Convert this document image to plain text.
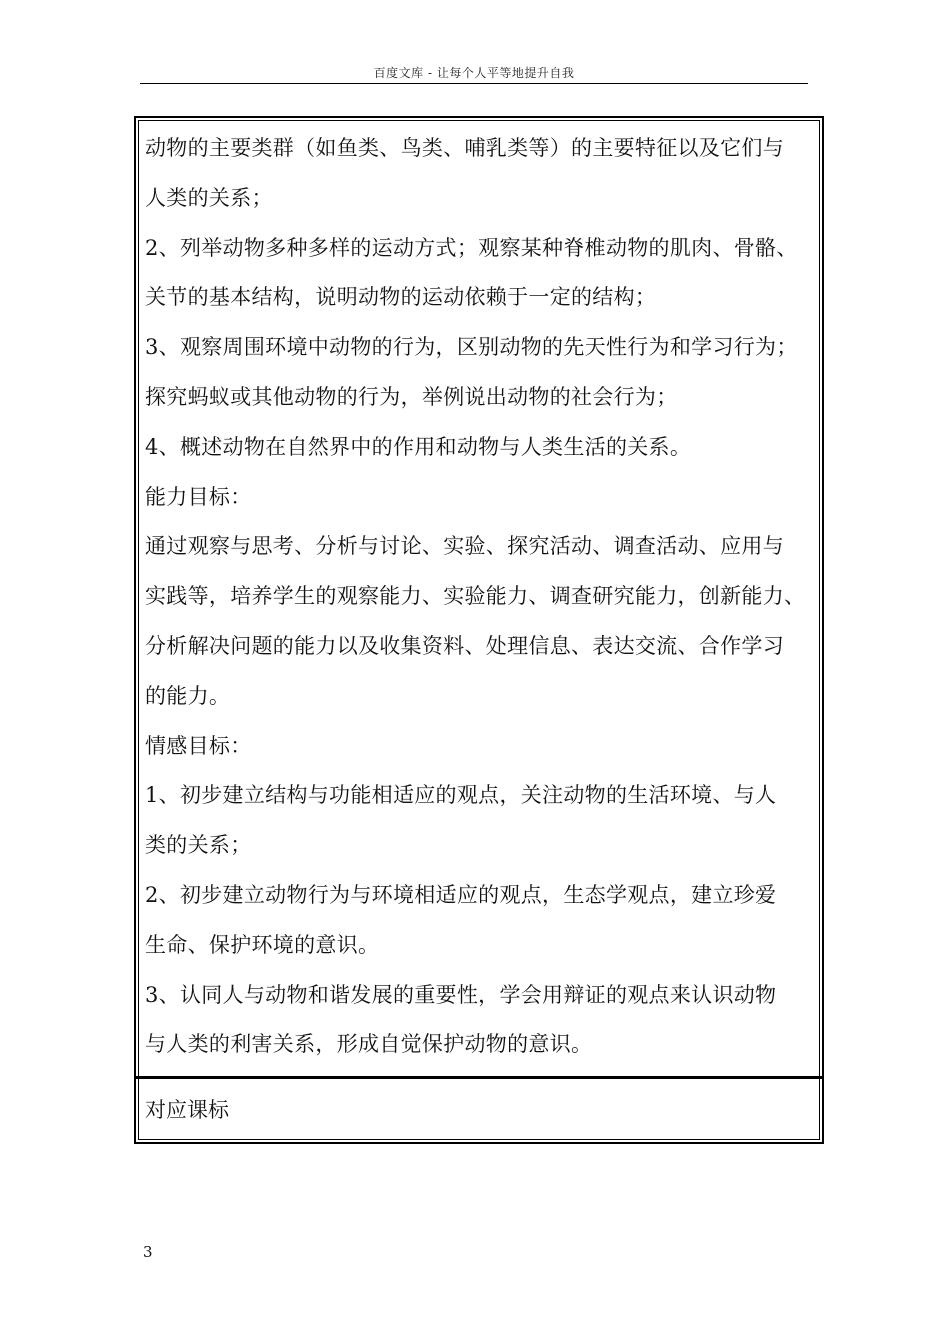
百度文库 - 让每个人平等地提升自我
动物的主要类群（如鱼类、鸟类、哺乳类等）的主要特征以及它们与
人类的关系；
2、列举动物多种多样的运动方式；观察某种脊椎动物的肌肉、骨骼、
关节的基本结构，说明动物的运动依赖于一定的结构；
3、观察周围环境中动物的行为，区别动物的先天性行为和学习行为；
探究蚂蚁或其他动物的行为，举例说出动物的社会行为；
4、概述动物在自然界中的作用和动物与人类生活的关系。
能力目标：
通过观察与思考、分析与讨论、实验、探究活动、调查活动、应用与
实践等，培养学生的观察能力、实验能力、调查研究能力，创新能力、
分析解决问题的能力以及收集资料、处理信息、表达交流、合作学习
的能力。
情感目标：
1、初步建立结构与功能相适应的观点，关注动物的生活环境、与人
类的关系；
2、初步建立动物行为与环境相适应的观点，生态学观点，建立珍爱
生命、保护环境的意识。
3、认同人与动物和谐发展的重要性，学会用辩证的观点来认识动物
与人类的利害关系，形成自觉保护动物的意识。
对应课标
3
